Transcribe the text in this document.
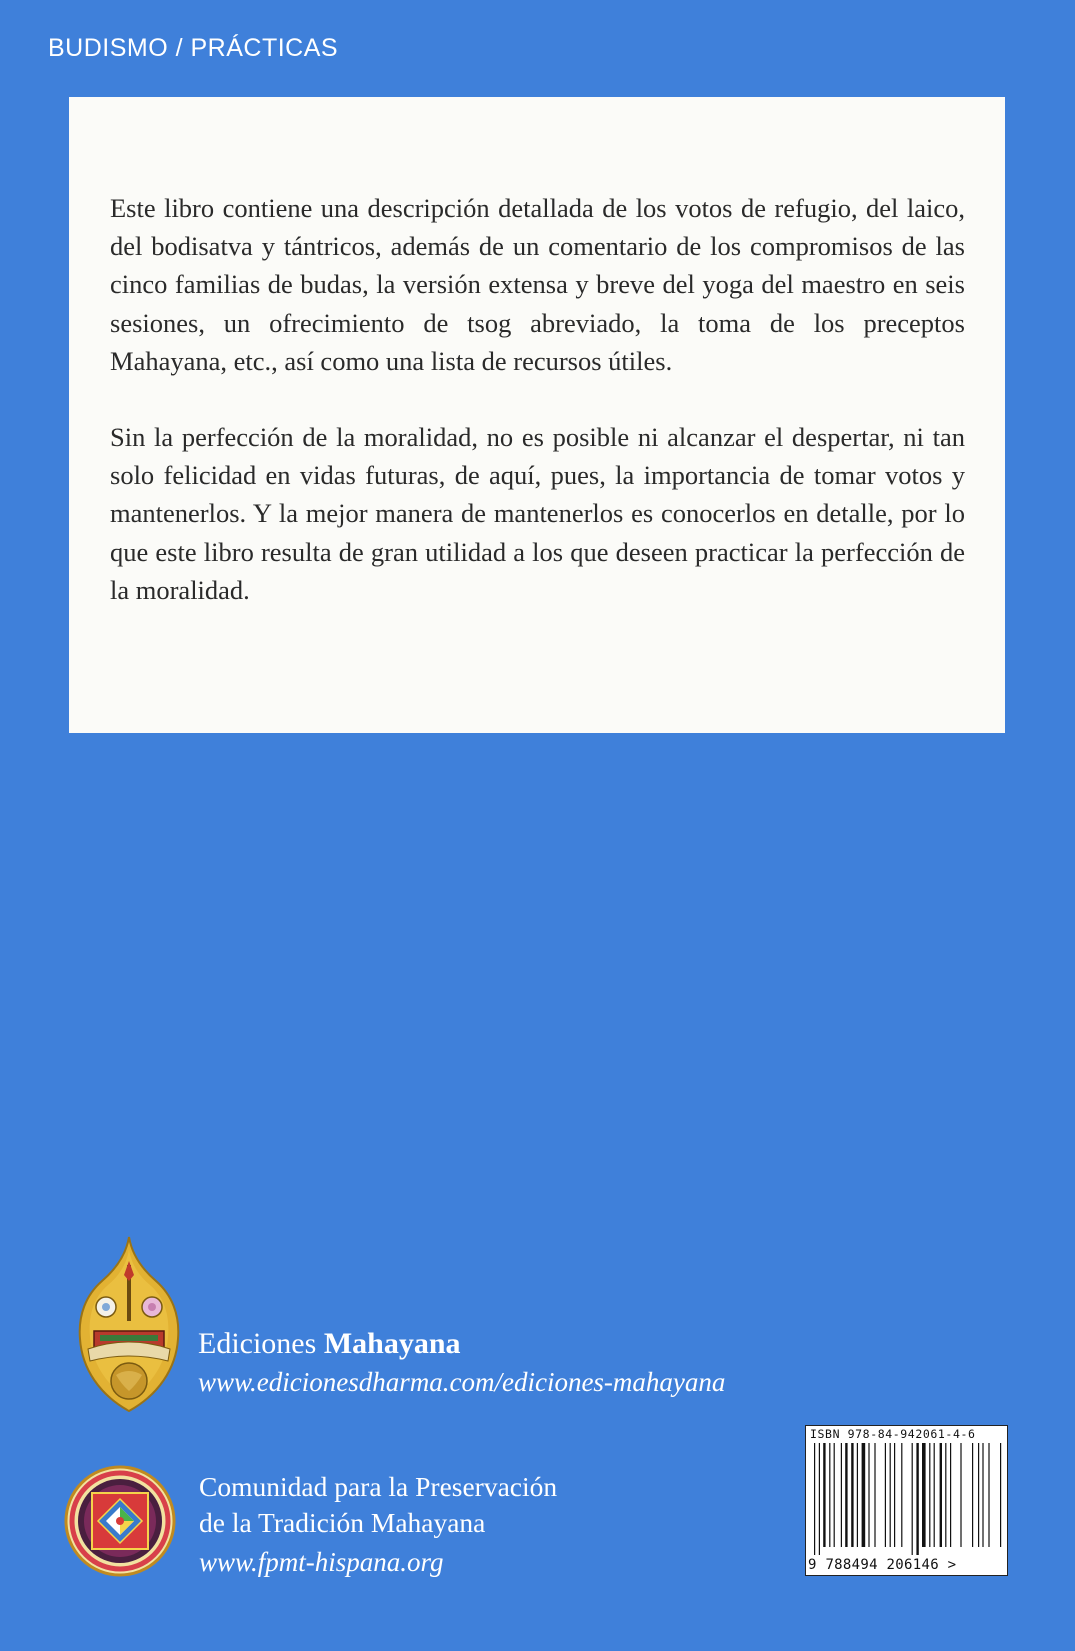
BUDISMO / PRÁCTICAS

Este libro contiene una descripción detallada de los votos de refugio, del laico, del bodisatva y tántricos, además de un comentario de los compromisos de las cinco familias de budas, la versión extensa y breve del yoga del maestro en seis sesiones, un ofrecimiento de tsog abreviado, la toma de los preceptos Mahayana, etc., así como una lista de recursos útiles.

Sin la perfección de la moralidad, no es posible ni alcanzar el despertar, ni tan solo felicidad en vidas futuras, de aquí, pues, la importancia de tomar votos y mantenerlos. Y la mejor manera de mantenerlos es conocerlos en detalle, por lo que este libro resulta de gran utilidad a los que deseen practicar la perfección de la moralidad.

Ediciones Mahayana
www.edicionesdharma.com/ediciones-mahayana
Comunidad para la Preservación
de la Tradición Mahayana
www.fpmt-hispana.org
ISBN 978-84-942061-4-6
9 788494 206146 >
